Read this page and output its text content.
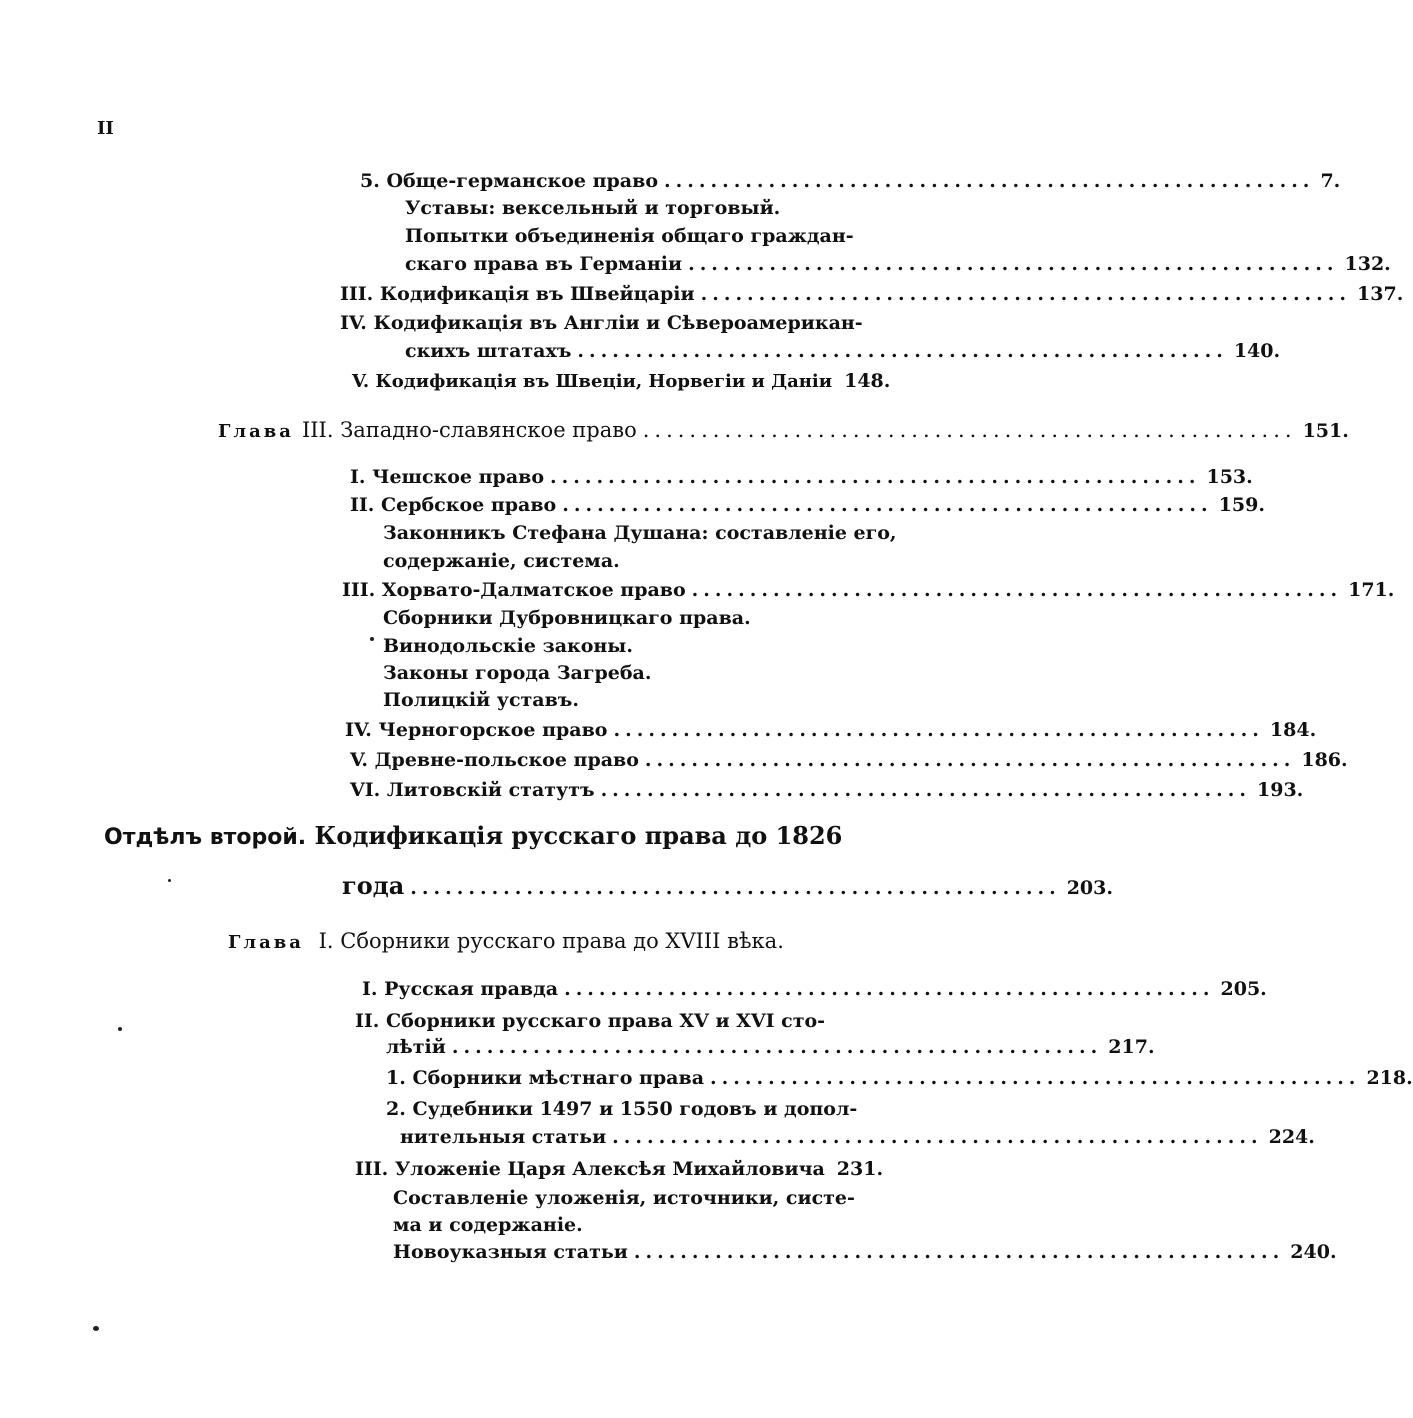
II
5. Обще-германское право ........................................................ 7.
Уставы: вексельный и торговый.
Попытки объединенія общаго граждан-
скаго права въ Германіи ........................................................ 132.
III. Кодификація въ Швейцаріи ........................................................ 137.
IV. Кодификація въ Англіи и Сѣвероамерикан-
скихъ штатахъ ........................................................ 140.
V. Кодификація въ Швеціи, Норвегіи и Даніи 148.
Глава III. Западно-славянское право ........................................................ 151.
I. Чешское право ........................................................ 153.
II. Сербское право ........................................................ 159.
Законникъ Стефана Душана: составленіе его,
содержаніе, система.
III. Хорвато-Далматское право ........................................................ 171.
Сборники Дубровницкаго права.
Винодольскіе законы.
Законы города Загреба.
Полицкій уставъ.
IV. Черногорское право ........................................................ 184.
V. Древне-польское право ........................................................ 186.
VI. Литовскій статутъ ........................................................ 193.
Отдѣлъ второй. Кодификація русскаго права до 1826
года ........................................................ 203.
Глава I. Сборники русскаго права до XVIII вѣка.
I. Русская правда ........................................................ 205.
II. Сборники русскаго права XV и XVI сто-
лѣтій ........................................................ 217.
1. Сборники мѣстнаго права ........................................................ 218.
2. Судебники 1497 и 1550 годовъ и допол-
нительныя статьи ........................................................ 224.
III. Уложеніе Царя Алексѣя Михайловича 231.
Составленіе уложенія, источники, систе-
ма и содержаніе.
Новоуказныя статьи ........................................................ 240.
